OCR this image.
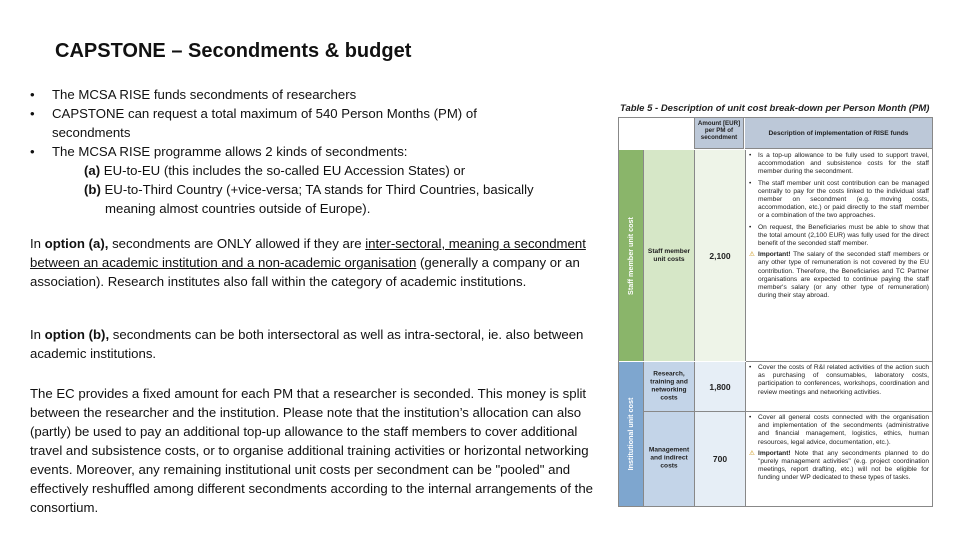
CAPSTONE – Secondments & budget
• The MCSA RISE funds secondments of researchers
• CAPSTONE can request a total maximum of 540 Person Months (PM) of
secondments
• The MCSA RISE programme allows 2 kinds of secondments:
(a) EU-to-EU (this includes the so-called EU Accession States) or
(b) EU-to-Third Country (+vice-versa; TA stands for Third Countries, basically
meaning almost countries outside of Europe).
In option (a), secondments are ONLY allowed if they are inter-sectoral, meaning a secondment between an academic institution and a non-academic organisation (generally a company or an association). Research institutes also fall within the category of academic institutions.
In option (b), secondments can be both intersectoral as well as intra-sectoral, ie. also between academic institutions.
The EC provides a fixed amount for each PM that a researcher is seconded. This money is split between the researcher and the institution. Please note that the institution’s allocation can also (partly) be used to pay an additional top-up allowance to the staff members to cover additional travel and subsistence costs, or to organise additional training activities or horizontal networking events. Moreover, any remaining institutional unit costs per secondment can be "pooled" and effectively reshuffled among different secondments according to the internal arrangements of the consortium.
Table 5 - Description of unit cost break-down per Person Month (PM)
Amount [EUR] per PM of secondment
Description of implementation of RISE funds
Staff member unit cost
Institutional unit cost
Staff member unit costs
Research, training and networking costs
Management and indirect costs
2,100
1,800
700
• Is a top-up allowance to be fully used to support travel, accommodation and subsistence costs for the staff member during the secondment.
• The staff member unit cost contribution can be managed centrally to pay for the costs linked to the individual staff member on secondment (e.g. moving costs, accommodation, etc.) or paid directly to the staff member or a combination of the two approaches.
• On request, the Beneficiaries must be able to show that the total amount (2,100 EUR) was fully used for the direct benefit of the seconded staff member.
⚠ Important! The salary of the seconded staff members or any other type of remuneration is not covered by the EU contribution. Therefore, the Beneficiaries and TC Partner organisations are expected to continue paying the staff member's salary (or any other type of remuneration) during their stay abroad.
• Cover the costs of R&I related activities of the action such as purchasing of consumables, laboratory costs, participation to conferences, workshops, coordination and review meetings and networking activities.
• Cover all general costs connected with the organisation and implementation of the secondments (administrative and financial management, logistics, ethics, human resources, legal advice, documentation, etc.).
⚠ Important! Note that any secondments planned to do "purely management activities" (e.g. project coordination meetings, report drafting, etc.) will not be eligible for funding under WP dedicated to these types of tasks.
